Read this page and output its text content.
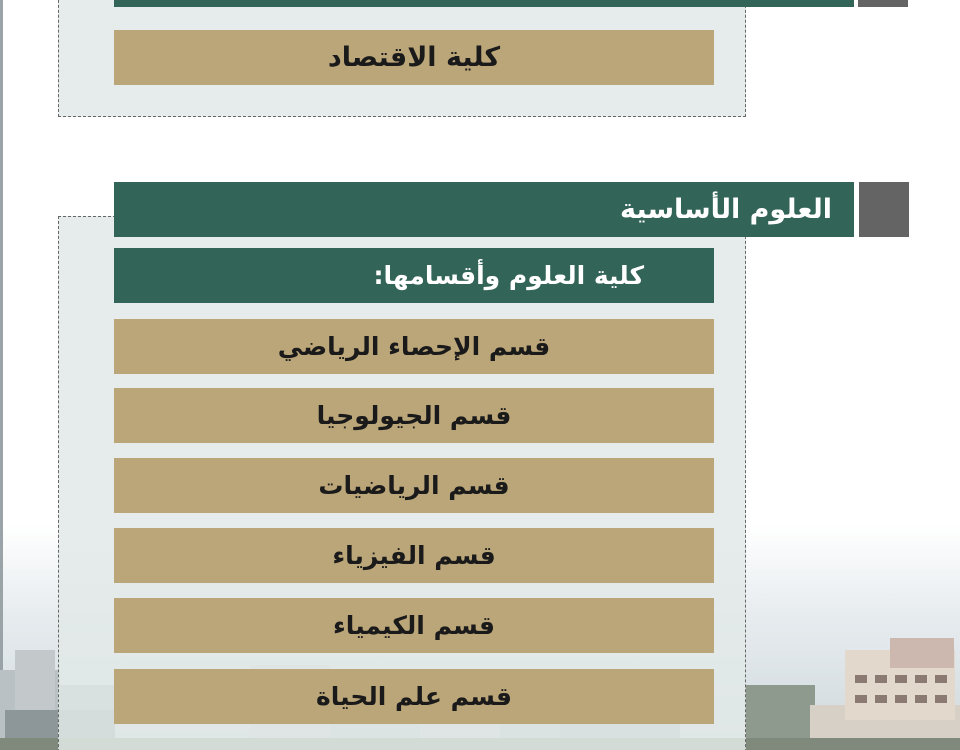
كلية الاقتصاد
العلوم الأساسية
كلية العلوم وأقسامها:
قسم الإحصاء الرياضي
قسم الجيولوجيا
قسم الرياضيات
قسم الفيزياء
قسم الكيمياء
قسم علم الحياة
